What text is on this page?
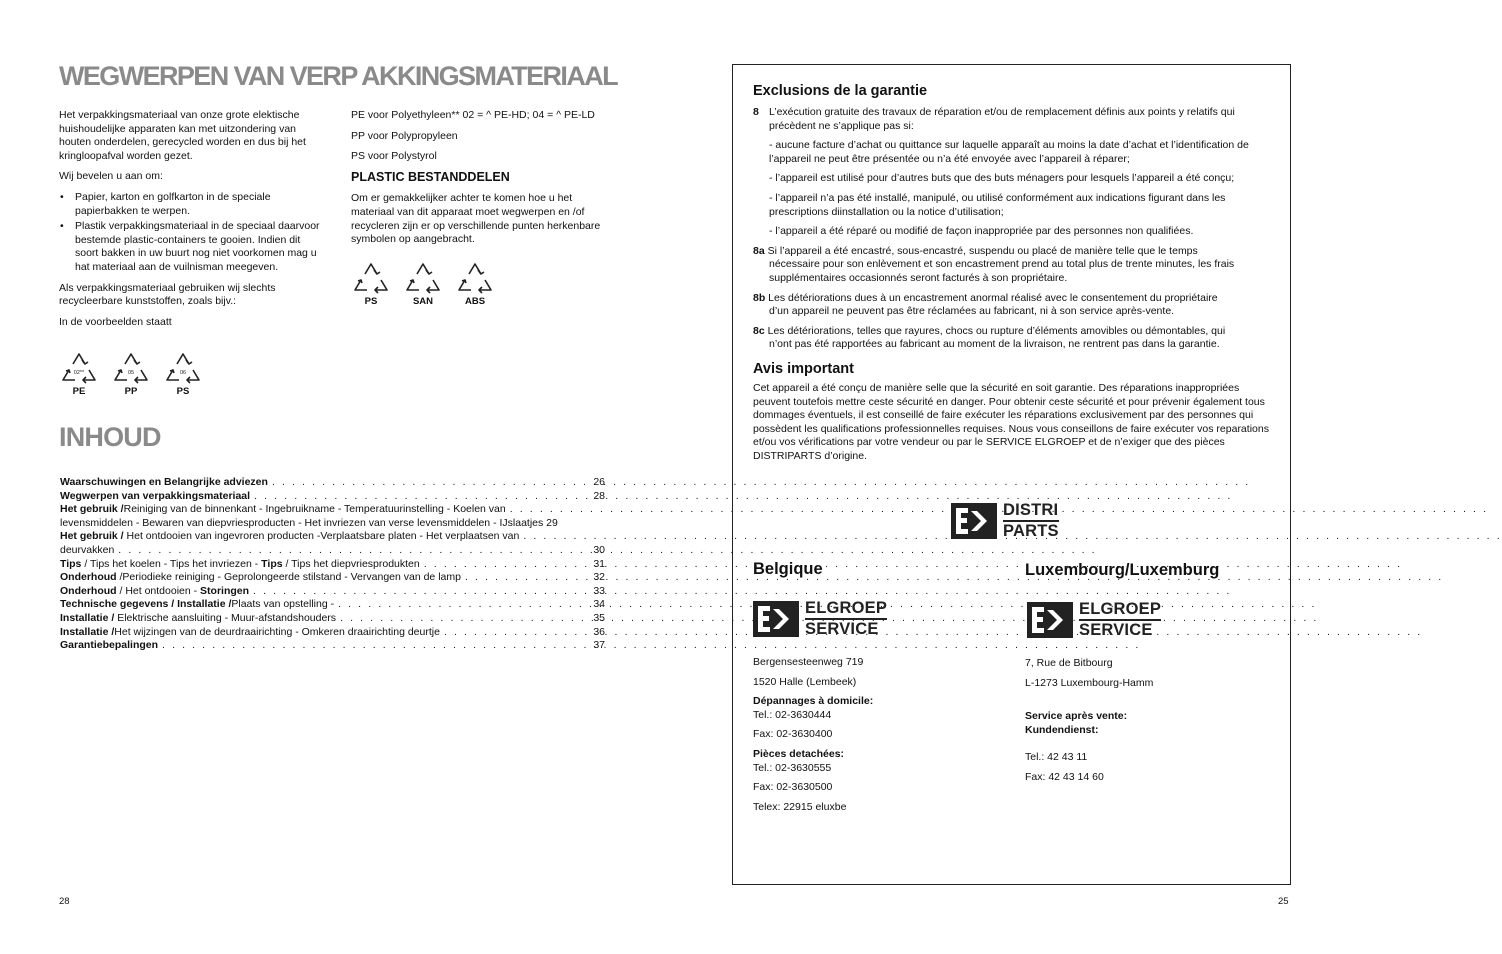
WEGWERPEN VAN VERP AKKINGSMATERIAAL

Het verpakkingsmateriaal van onze grote elektische huishoudelijke apparaten kan met uitzondering van houten onderdelen, gerecycled worden en dus bij het kringloopafval worden gezet.

Wij bevelen u aan om:

• Papier, karton en golfkarton in de speciale papierbakken te werpen.
• Plastik verpakkingsmateriaal in de speciaal daarvoor bestemde plastic-containers te gooien. Indien dit soort bakken in uw buurt nog niet voorkomen mag u hat materiaal aan de vuilnisman meegeven.

Als verpakkingsmateriaal gebruiken wij slechts recycleerbare kunststoffen, zoals bijv.:

In de voorbeelden staatt

02**
PE
05
PP
06
PS

PE voor Polyethyleen** 02 = ^ PE-HD; 04 = ^ PE-LD

PP voor Polypropyleen

PS voor Polystyrol

PLASTIC BESTANDDELEN

Om er gemakkelijker achter te komen hoe u het materiaal van dit apparaat moet wegwerpen en /of recycleren zijn er op verschillende punten herkenbare symbolen op aangebracht.

PS	SAN	ABS
INHOUD
Waarschuwingen en Belangrijke adviezen . . .	26
Wegwerpen van verpakkingsmateriaal . . .	28
Het gebruik /Reiniging van de binnenkant - Ingebruikname - Temperatuurinstelling - Koelen van
. . .
levensmiddelen - Bewaren van diepvriesproducten - Het invriezen van verse levensmiddelen - IJslaatjes 29
Het gebruik / Het ontdooien van ingevroren producten -Verplaatsbare platen - Het verplaatsen van
. . .
deurvakken . . .	30
Tips / Tips het koelen - Tips het invriezen - Tips / Tips het diepvriesprodukten . . .	31
Onderhoud /Periodieke reiniging - Geprolongeerde stilstand - Vervangen van de lamp . . .	32
Onderhoud / Het ontdooien - Storingen . . .	33
Technische gegevens / Installatie /Plaats van opstelling - . . .	34
Installatie / Elektrische aansluiting - Muur-afstandshouders . . .	35
Installatie /Het wijzingen van de deurdraairichting - Omkeren draairichting deurtje . . .	36
Garantiebepalingen . . .	37
28
Exclusions de la garantie
8 L’exécution gratuite des travaux de réparation et/ou de remplacement définis aux points y relatifs qui précèdent ne s’applique pas si:

- aucune facture d’achat ou quittance sur laquelle apparaît au moins la date d’achat et l’identification de l’appareil ne peut être présentée ou n’a été envoyée avec l’appareil à réparer;

- l’appareil est utilisé pour d’autres buts que des buts ménagers pour lesquels l’appareil a été conçu;

- l’appareil n’a pas été installé, manipulé, ou utilisé conformément aux indications figurant dans les prescriptions diinstallation ou la notice d’utilisation;

- l’appareil a été réparé ou modifié de façon inappropriée par des personnes non qualifiées.

8a Si l’appareil a été encastré, sous-encastré, suspendu ou placé de manière telle que le temps
nécessaire pour son enlèvement et son encastrement prend au total plus de trente minutes, les frais supplémentaires occasionnés seront facturés à son propriétaire.
8b Les détériorations dues à un encastrement anormal réalisé avec le consentement du propriétaire
d’un appareil ne peuvent pas être réclamées au fabricant, ni à son service après-vente.
8c Les détériorations, telles que rayures, chocs ou rupture d’éléments amovibles ou démontables, qui
n’ont pas été rapportées au fabricant au moment de la livraison, ne rentrent pas dans la garantie.
Avis important

Cet appareil a été conçu de manière selle que la sécurité en soit garantie. Des réparations inappropriées peuvent toutefois mettre ceste sécurité en danger. Pour obtenir ceste sécurité et pour prévenir également tous dommages éventuels, il est conseillé de faire exécuter les réparations exclusivement par des personnes qui possèdent les qualifications professionnelles requises. Nous vous conseillons de faire exécuter vos reparations et/ou vos vérifications par votre vendeur ou par le SERVICE ELGROEP et de n’exiger que des pièces DISTRIPARTS d’origine.

DISTRI
PARTS
Belgique
ELGROEP
SERVICE
Bergensesteenweg 719
1520 Halle (Lembeek)
Dépannages à domicile:
Tel.: 02-3630444
Fax: 02-3630400
Pièces detachées:
Tel.: 02-3630555
Fax: 02-3630500
Telex: 22915 eluxbe
Luxembourg/Luxemburg
ELGROEP
SERVICE
7, Rue de Bitbourg
L-1273 Luxembourg-Hamm
Service après vente:
Kundendienst:
Tel.: 42 43 11
Fax: 42 43 14 60
25
